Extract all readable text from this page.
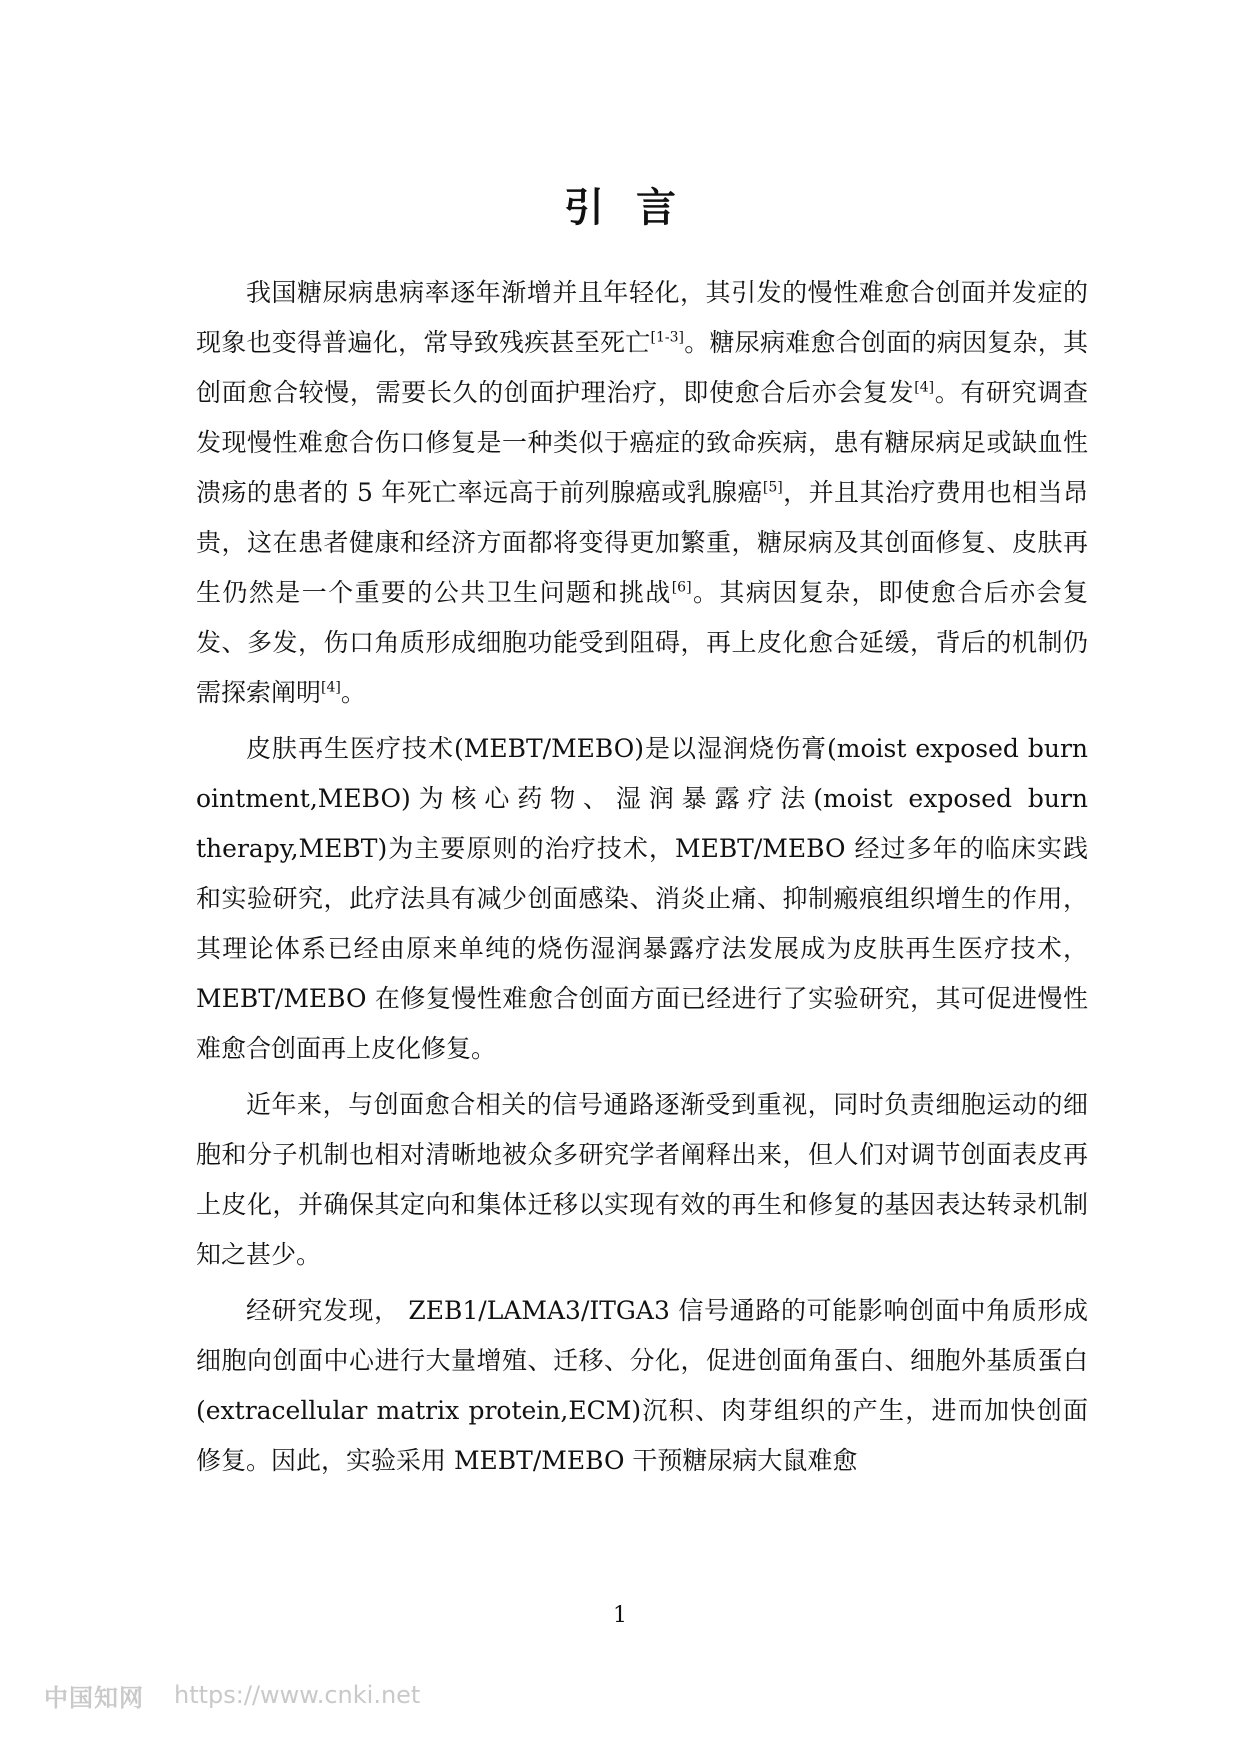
引言

我国糖尿病患病率逐年渐增并且年轻化，其引发的慢性难愈合创面并发症的现象也变得普遍化，常导致残疾甚至死亡[1-3]。糖尿病难愈合创面的病因复杂，其创面愈合较慢，需要长久的创面护理治疗，即使愈合后亦会复发[4]。有研究调查发现慢性难愈合伤口修复是一种类似于癌症的致命疾病，患有糖尿病足或缺血性溃疡的患者的 5 年死亡率远高于前列腺癌或乳腺癌[5]，并且其治疗费用也相当昂贵，这在患者健康和经济方面都将变得更加繁重，糖尿病及其创面修复、皮肤再生仍然是一个重要的公共卫生问题和挑战[6]。其病因复杂，即使愈合后亦会复发、多发，伤口角质形成细胞功能受到阻碍，再上皮化愈合延缓，背后的机制仍需探索阐明[4]。

皮肤再生医疗技术(MEBT/MEBO)是以湿润烧伤膏(moist exposed burn ointment,MEBO)为核心药物、湿润暴露疗法(moist exposed burn therapy,MEBT)为主要原则的治疗技术，MEBT/MEBO 经过多年的临床实践和实验研究，此疗法具有减少创面感染、消炎止痛、抑制瘢痕组织增生的作用，其理论体系已经由原来单纯的烧伤湿润暴露疗法发展成为皮肤再生医疗技术，MEBT/MEBO 在修复慢性难愈合创面方面已经进行了实验研究，其可促进慢性难愈合创面再上皮化修复。

近年来，与创面愈合相关的信号通路逐渐受到重视，同时负责细胞运动的细胞和分子机制也相对清晰地被众多研究学者阐释出来，但人们对调节创面表皮再上皮化，并确保其定向和集体迁移以实现有效的再生和修复的基因表达转录机制知之甚少。

经研究发现， ZEB1/LAMA3/ITGA3 信号通路的可能影响创面中角质形成细胞向创面中心进行大量增殖、迁移、分化，促进创面角蛋白、细胞外基质蛋白(extracellular matrix protein,ECM)沉积、肉芽组织的产生，进而加快创面修复。因此，实验采用 MEBT/MEBO 干预糖尿病大鼠难愈

1

中国知网 https://www.cnki.net
